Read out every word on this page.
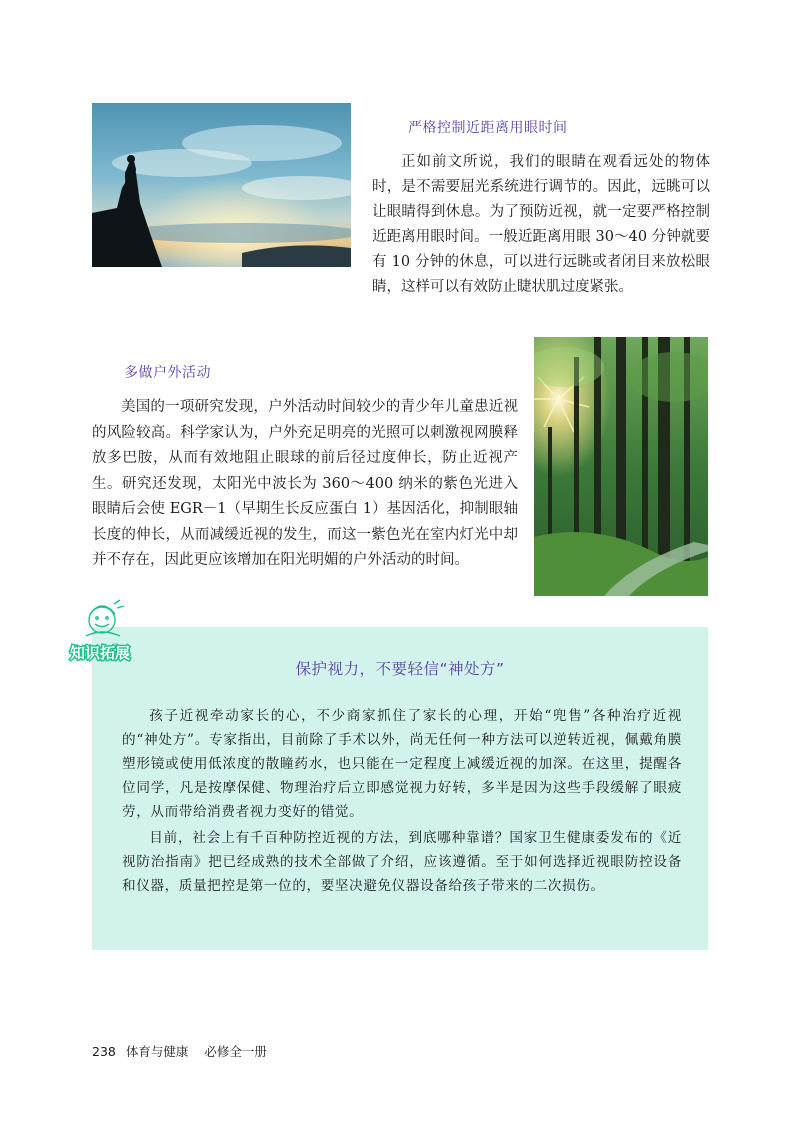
严格控制近距离用眼时间

正如前文所说，我们的眼睛在观看远处的物体时，是不需要屈光系统进行调节的。因此，远眺可以让眼睛得到休息。为了预防近视，就一定要严格控制近距离用眼时间。一般近距离用眼 30～40 分钟就要有 10 分钟的休息，可以进行远眺或者闭目来放松眼睛，这样可以有效防止睫状肌过度紧张。

多做户外活动

美国的一项研究发现，户外活动时间较少的青少年儿童患近视的风险较高。科学家认为，户外充足明亮的光照可以刺激视网膜释放多巴胺，从而有效地阻止眼球的前后径过度伸长，防止近视产生。研究还发现，太阳光中波长为 360～400 纳米的紫色光进入眼睛后会使 EGR－1（早期生长反应蛋白 1）基因活化，抑制眼轴长度的伸长，从而减缓近视的发生，而这一紫色光在室内灯光中却并不存在，因此更应该增加在阳光明媚的户外活动的时间。

知识拓展
保护视力，不要轻信“神处方”

孩子近视牵动家长的心，不少商家抓住了家长的心理，开始“兜售”各种治疗近视的“神处方”。专家指出，目前除了手术以外，尚无任何一种方法可以逆转近视，佩戴角膜塑形镜或使用低浓度的散瞳药水，也只能在一定程度上减缓近视的加深。在这里，提醒各位同学，凡是按摩保健、物理治疗后立即感觉视力好转，多半是因为这些手段缓解了眼疲劳，从而带给消费者视力变好的错觉。

目前，社会上有千百种防控近视的方法，到底哪种靠谱？国家卫生健康委发布的《近视防治指南》把已经成熟的技术全部做了介绍，应该遵循。至于如何选择近视眼防控设备和仪器，质量把控是第一位的，要坚决避免仪器设备给孩子带来的二次损伤。

238 体育与健康 必修全一册
